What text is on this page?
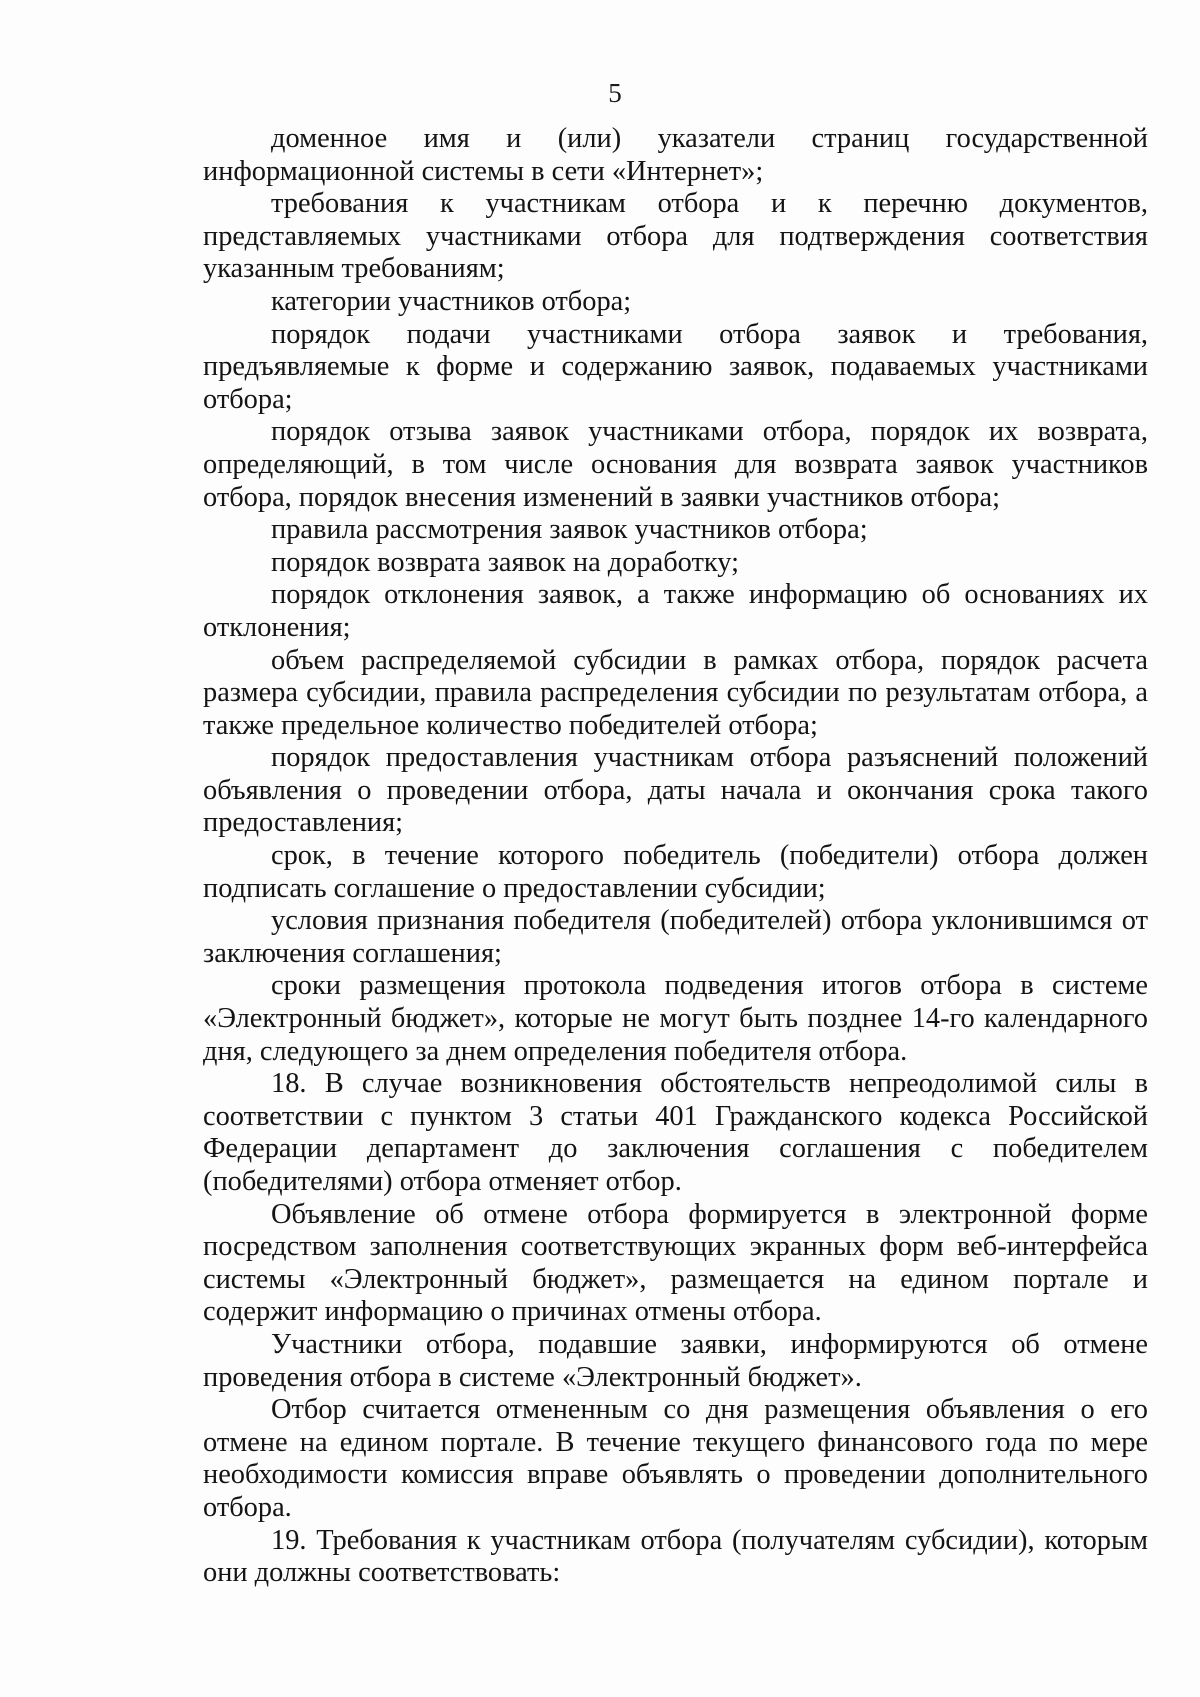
5

доменное имя и (или) указатели страниц государственной информационной системы в сети «Интернет»;

требования к участникам отбора и к перечню документов, представляемых участниками отбора для подтверждения соответствия указанным требованиям;

категории участников отбора;

порядок подачи участниками отбора заявок и требования, предъявляемые к форме и содержанию заявок, подаваемых участниками отбора;

порядок отзыва заявок участниками отбора, порядок их возврата, определяющий, в том числе основания для возврата заявок участников отбора, порядок внесения изменений в заявки участников отбора;

правила рассмотрения заявок участников отбора;

порядок возврата заявок на доработку;

порядок отклонения заявок, а также информацию об основаниях их отклонения;

объем распределяемой субсидии в рамках отбора, порядок расчета размера субсидии, правила распределения субсидии по результатам отбора, а также предельное количество победителей отбора;

порядок предоставления участникам отбора разъяснений положений объявления о проведении отбора, даты начала и окончания срока такого предоставления;

срок, в течение которого победитель (победители) отбора должен подписать соглашение о предоставлении субсидии;

условия признания победителя (победителей) отбора уклонившимся от заключения соглашения;

сроки размещения протокола подведения итогов отбора в системе «Электронный бюджет», которые не могут быть позднее 14-го календарного дня, следующего за днем определения победителя отбора.

18. В случае возникновения обстоятельств непреодолимой силы в соответствии с пунктом 3 статьи 401 Гражданского кодекса Российской Федерации департамент до заключения соглашения с победителем (победителями) отбора отменяет отбор.

Объявление об отмене отбора формируется в электронной форме посредством заполнения соответствующих экранных форм веб-интерфейса системы «Электронный бюджет», размещается на едином портале и содержит информацию о причинах отмены отбора.

Участники отбора, подавшие заявки, информируются об отмене проведения отбора в системе «Электронный бюджет».

Отбор считается отмененным со дня размещения объявления о его отмене на едином портале. В течение текущего финансового года по мере необходимости комиссия вправе объявлять о проведении дополнительного отбора.

19. Требования к участникам отбора (получателям субсидии), которым они должны соответствовать:
